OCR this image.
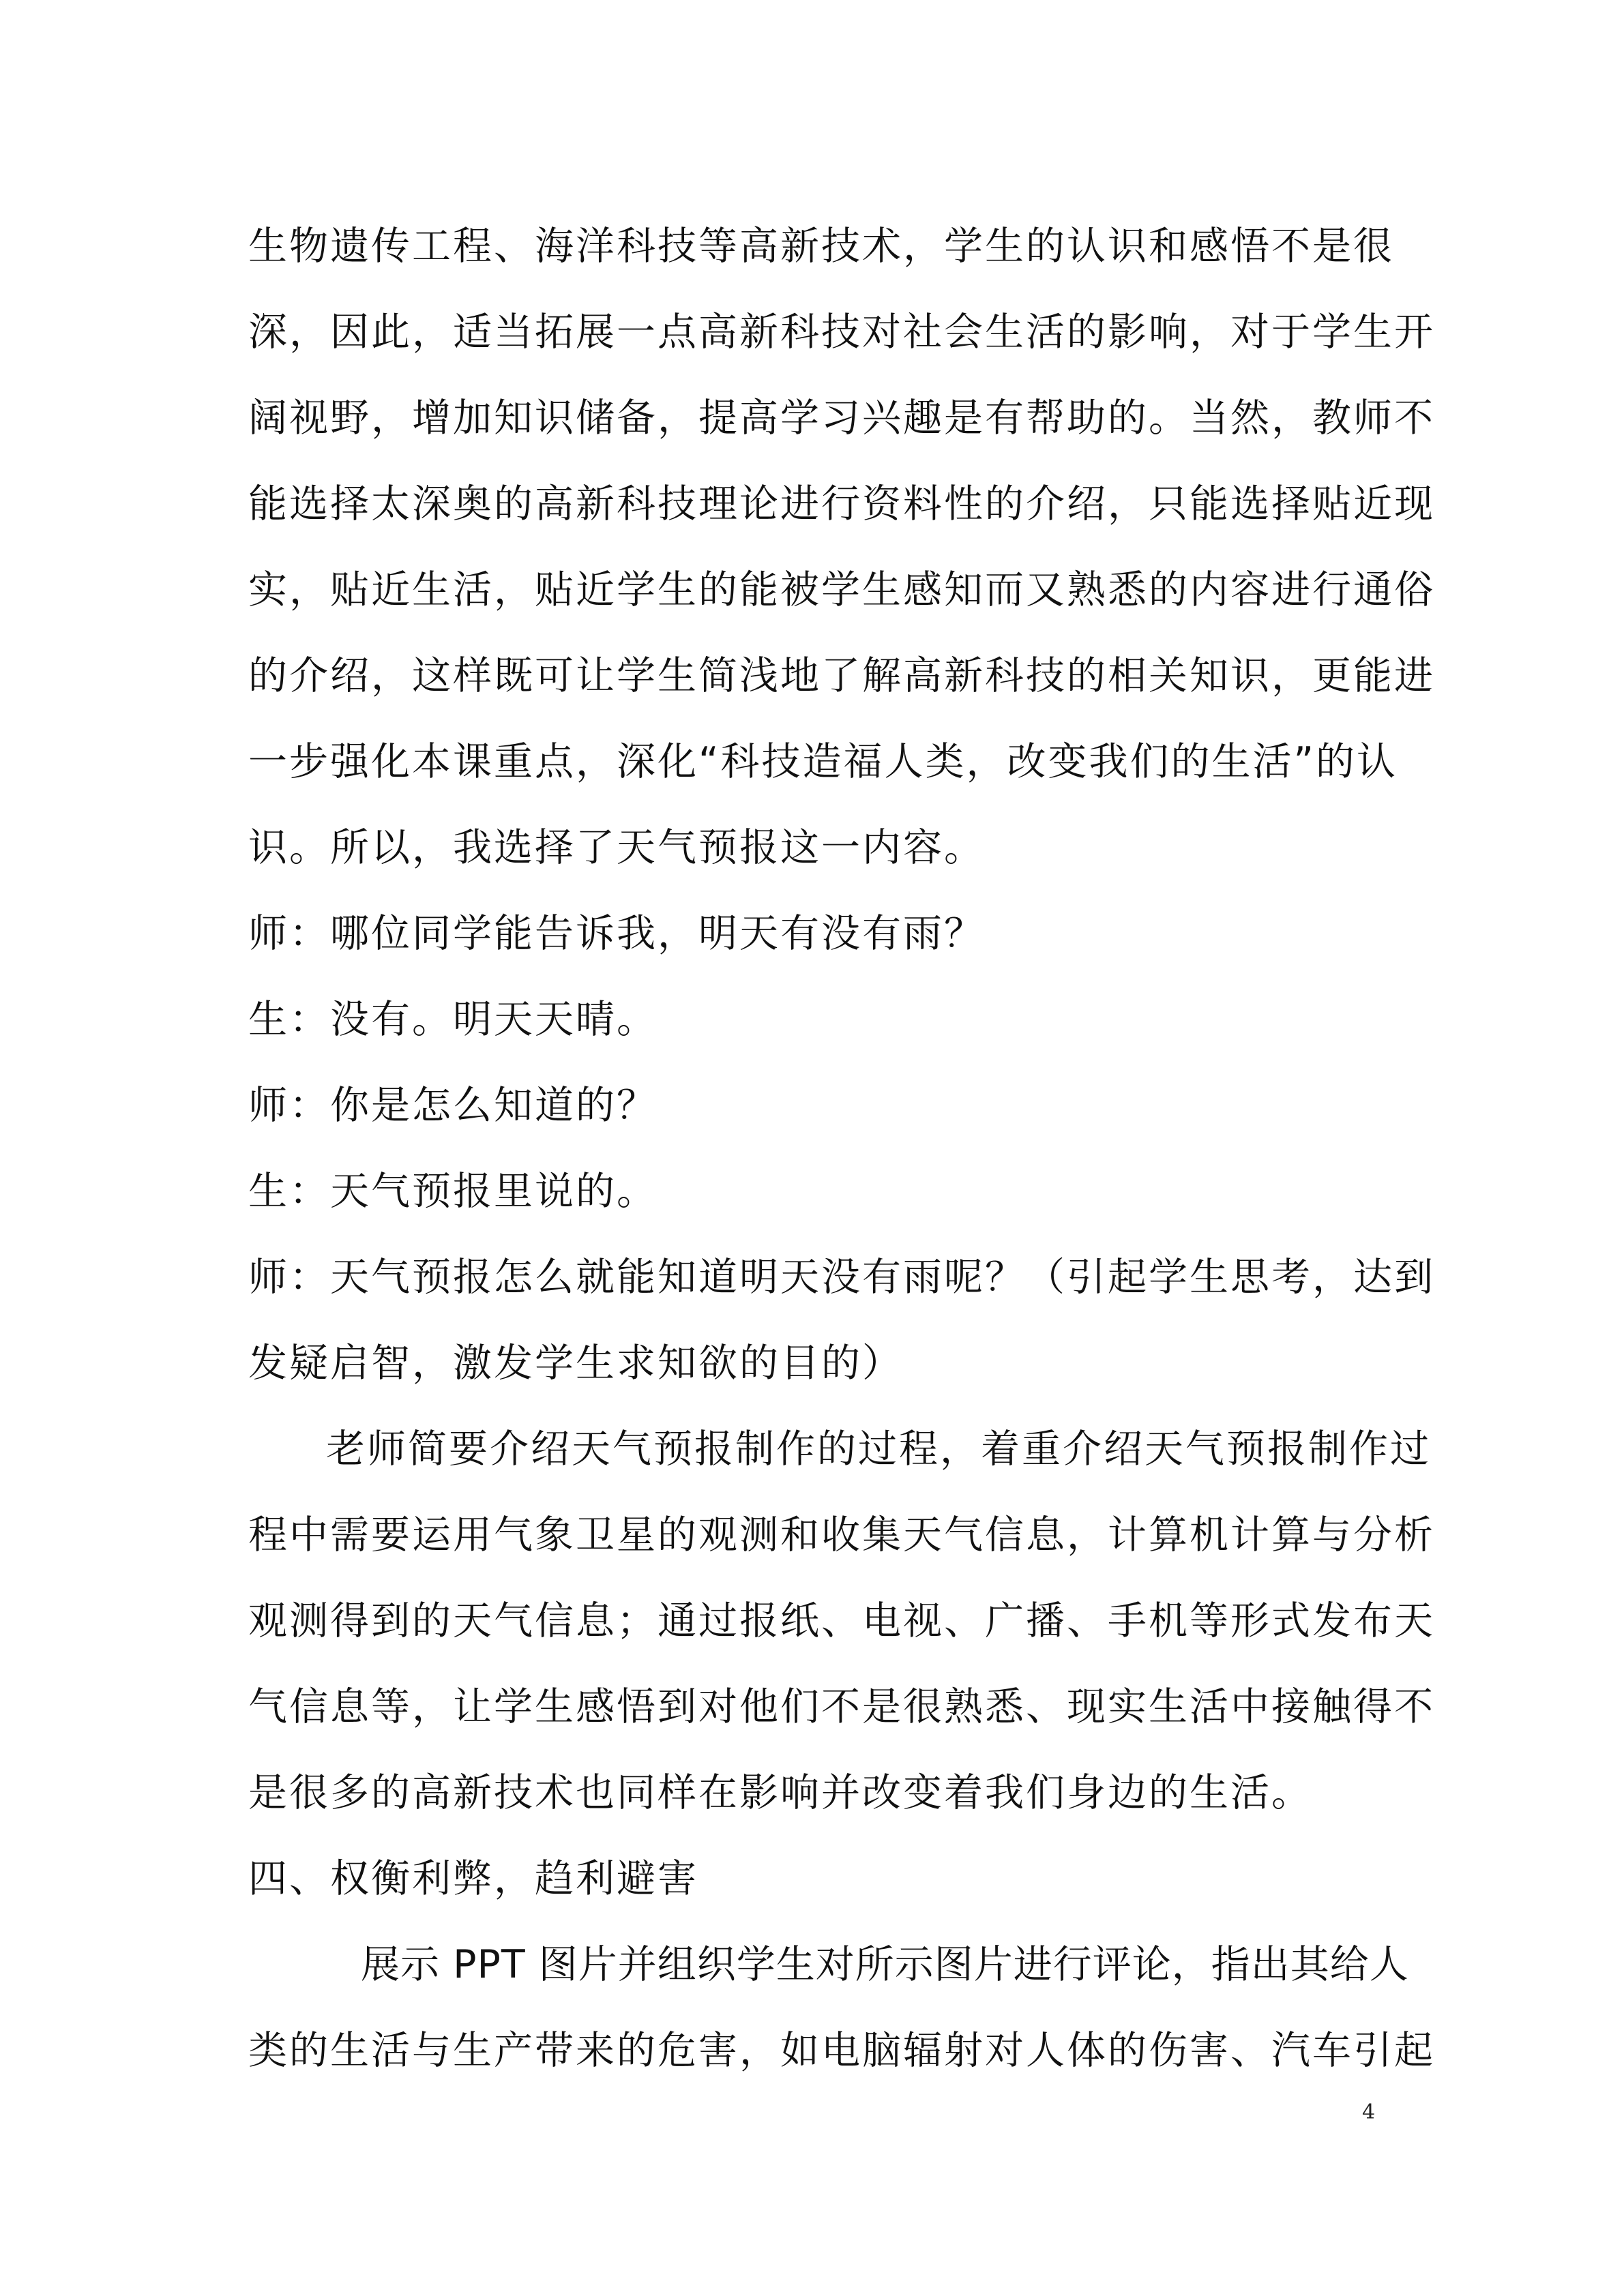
生物遗传工程、海洋科技等高新技术，学生的认识和感悟不是很
深，因此，适当拓展一点高新科技对社会生活的影响，对于学生开
阔视野，增加知识储备，提高学习兴趣是有帮助的。当然，教师不
能选择太深奥的高新科技理论进行资料性的介绍，只能选择贴近现
实，贴近生活，贴近学生的能被学生感知而又熟悉的内容进行通俗
的介绍，这样既可让学生简浅地了解高新科技的相关知识，更能进
一步强化本课重点，深化“科技造福人类，改变我们的生活”的认
识。所以，我选择了天气预报这一内容。
师：哪位同学能告诉我，明天有没有雨？
生：没有。明天天晴。
师：你是怎么知道的？
生：天气预报里说的。
师：天气预报怎么就能知道明天没有雨呢？（引起学生思考，达到
发疑启智，激发学生求知欲的目的）
老师简要介绍天气预报制作的过程，着重介绍天气预报制作过
程中需要运用气象卫星的观测和收集天气信息，计算机计算与分析
观测得到的天气信息；通过报纸、电视、广播、手机等形式发布天
气信息等，让学生感悟到对他们不是很熟悉、现实生活中接触得不
是很多的高新技术也同样在影响并改变着我们身边的生活。
四、权衡利弊，趋利避害
展示 PPT 图片并组织学生对所示图片进行评论，指出其给人
类的生活与生产带来的危害，如电脑辐射对人体的伤害、汽车引起
4
